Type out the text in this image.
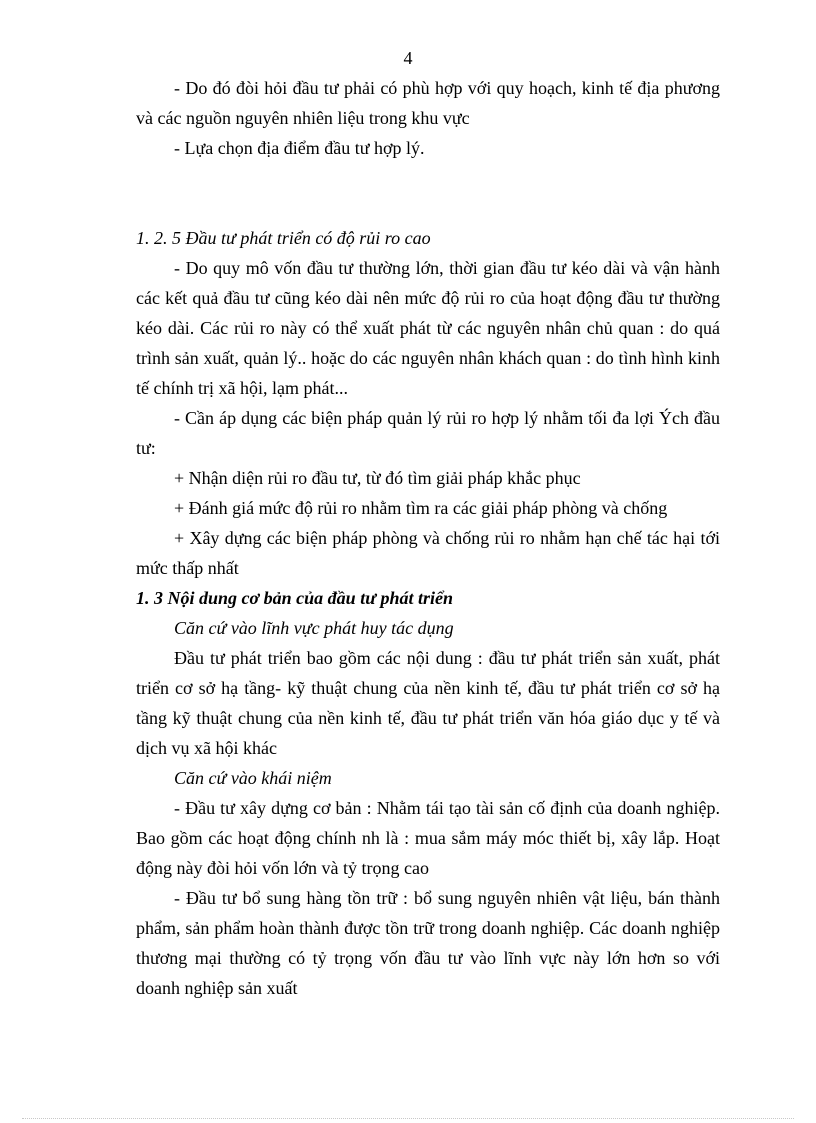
4

- Do đó đòi hỏi đầu tư phải có phù hợp với quy hoạch, kinh tế địa phương và các nguồn nguyên nhiên liệu trong khu vực

- Lựa chọn địa điểm đầu tư hợp lý.

1. 2. 5 Đầu tư phát triển có độ rủi ro cao

- Do quy mô vốn đầu tư thường lớn, thời gian đầu tư kéo dài và vận hành các kết quả đầu tư cũng kéo dài nên mức độ rủi ro của hoạt động đầu tư thường kéo dài. Các rủi ro này có thể xuất phát từ các nguyên nhân chủ quan : do quá trình sản xuất, quản lý.. hoặc do các nguyên nhân khách quan : do tình hình kinh tế chính trị xã hội, lạm phát...

- Cần áp dụng các biện pháp quản lý rủi ro hợp lý nhằm tối đa lợi Ých đầu tư:

+ Nhận diện rủi ro đầu tư, từ đó tìm giải pháp khắc phục

+ Đánh giá mức độ rủi ro nhằm tìm ra các giải pháp phòng và chống

+ Xây dựng các biện pháp phòng và chống rủi ro nhằm hạn chế tác hại tới mức thấp nhất

1. 3 Nội dung cơ bản của đầu tư phát triển

Căn cứ vào lĩnh vực phát huy tác dụng

Đầu tư phát triển bao gồm các nội dung : đầu tư phát triển sản xuất, phát triển cơ sở hạ tầng- kỹ thuật chung của nền kinh tế, đầu tư phát triển cơ sở hạ tầng kỹ thuật chung của nền kinh tế, đầu tư phát triển văn hóa giáo dục y tế và dịch vụ xã hội khác

Căn cứ vào khái niệm

- Đầu tư xây dựng cơ bản : Nhằm tái tạo tài sản cố định của doanh nghiệp. Bao gồm các hoạt động chính nh là : mua sắm máy móc thiết bị, xây lắp. Hoạt động này đòi hỏi vốn lớn và tỷ trọng cao

- Đầu tư bổ sung hàng tồn trữ : bổ sung nguyên nhiên vật liệu, bán thành phẩm, sản phẩm hoàn thành được tồn trữ trong doanh nghiệp. Các doanh nghiệp thương mại thường có tỷ trọng vốn đầu tư vào lĩnh vực này lớn hơn so với doanh nghiệp sản xuất
